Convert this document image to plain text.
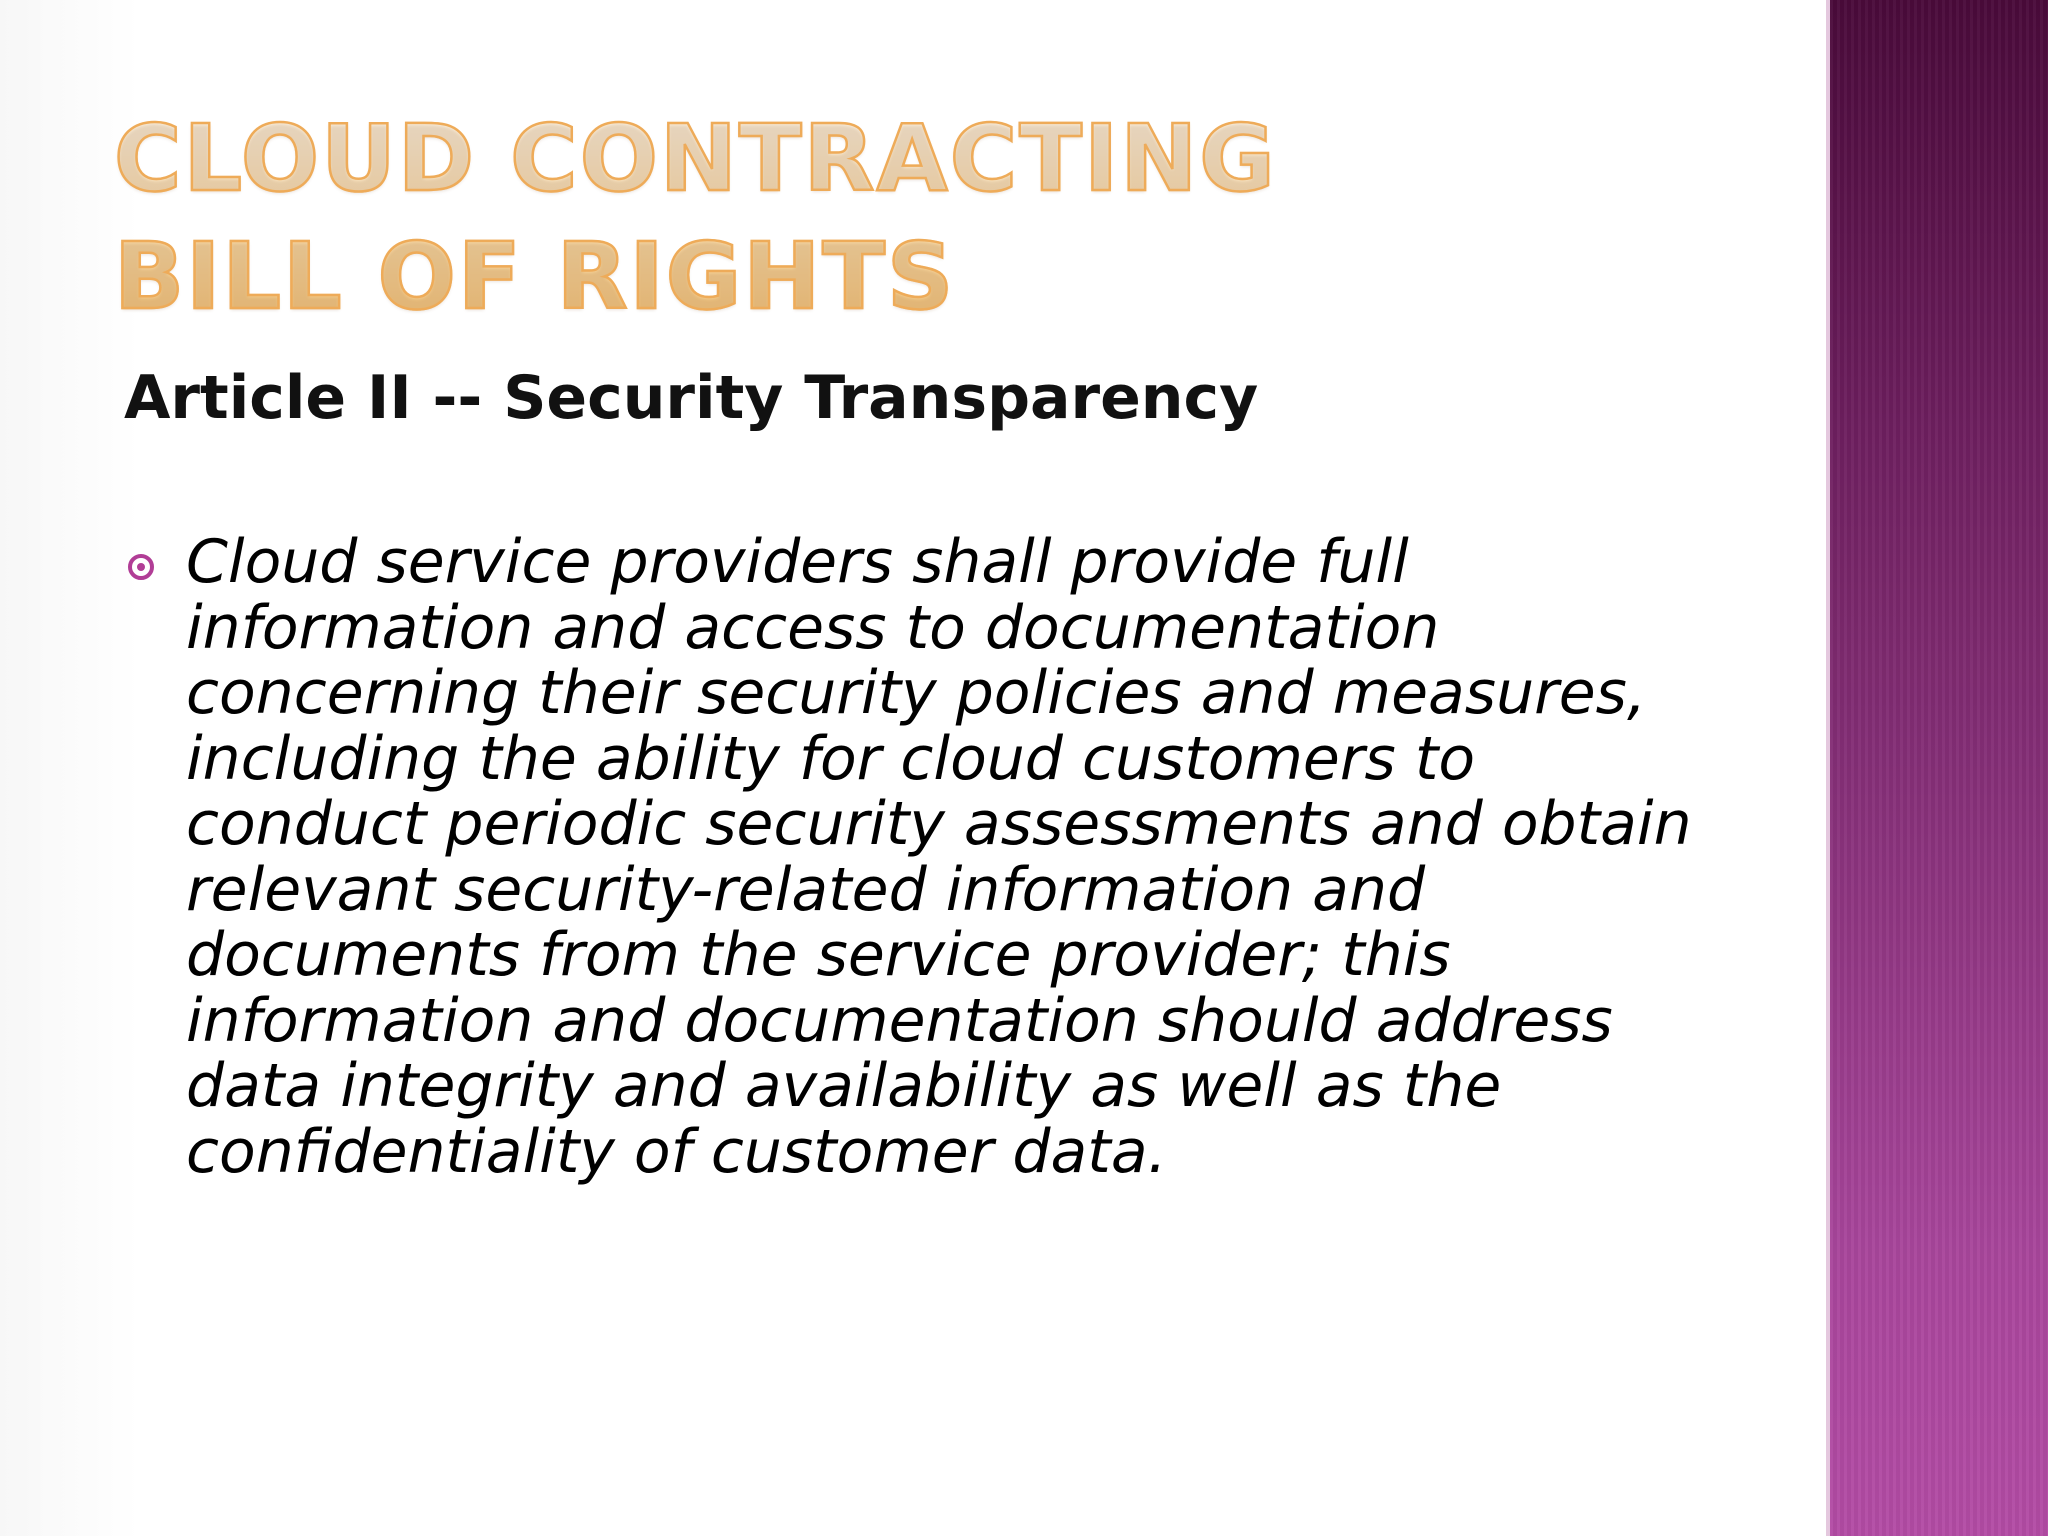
CLOUD CONTRACTING BILL OF RIGHTS
Article II -- Security Transparency

Cloud service providers shall provide full information and access to documentation concerning their security policies and measures, including the ability for cloud customers to conduct periodic security assessments and obtain relevant security-related information and documents from the service provider; this information and documentation should address data integrity and availability as well as the confidentiality of customer data.
